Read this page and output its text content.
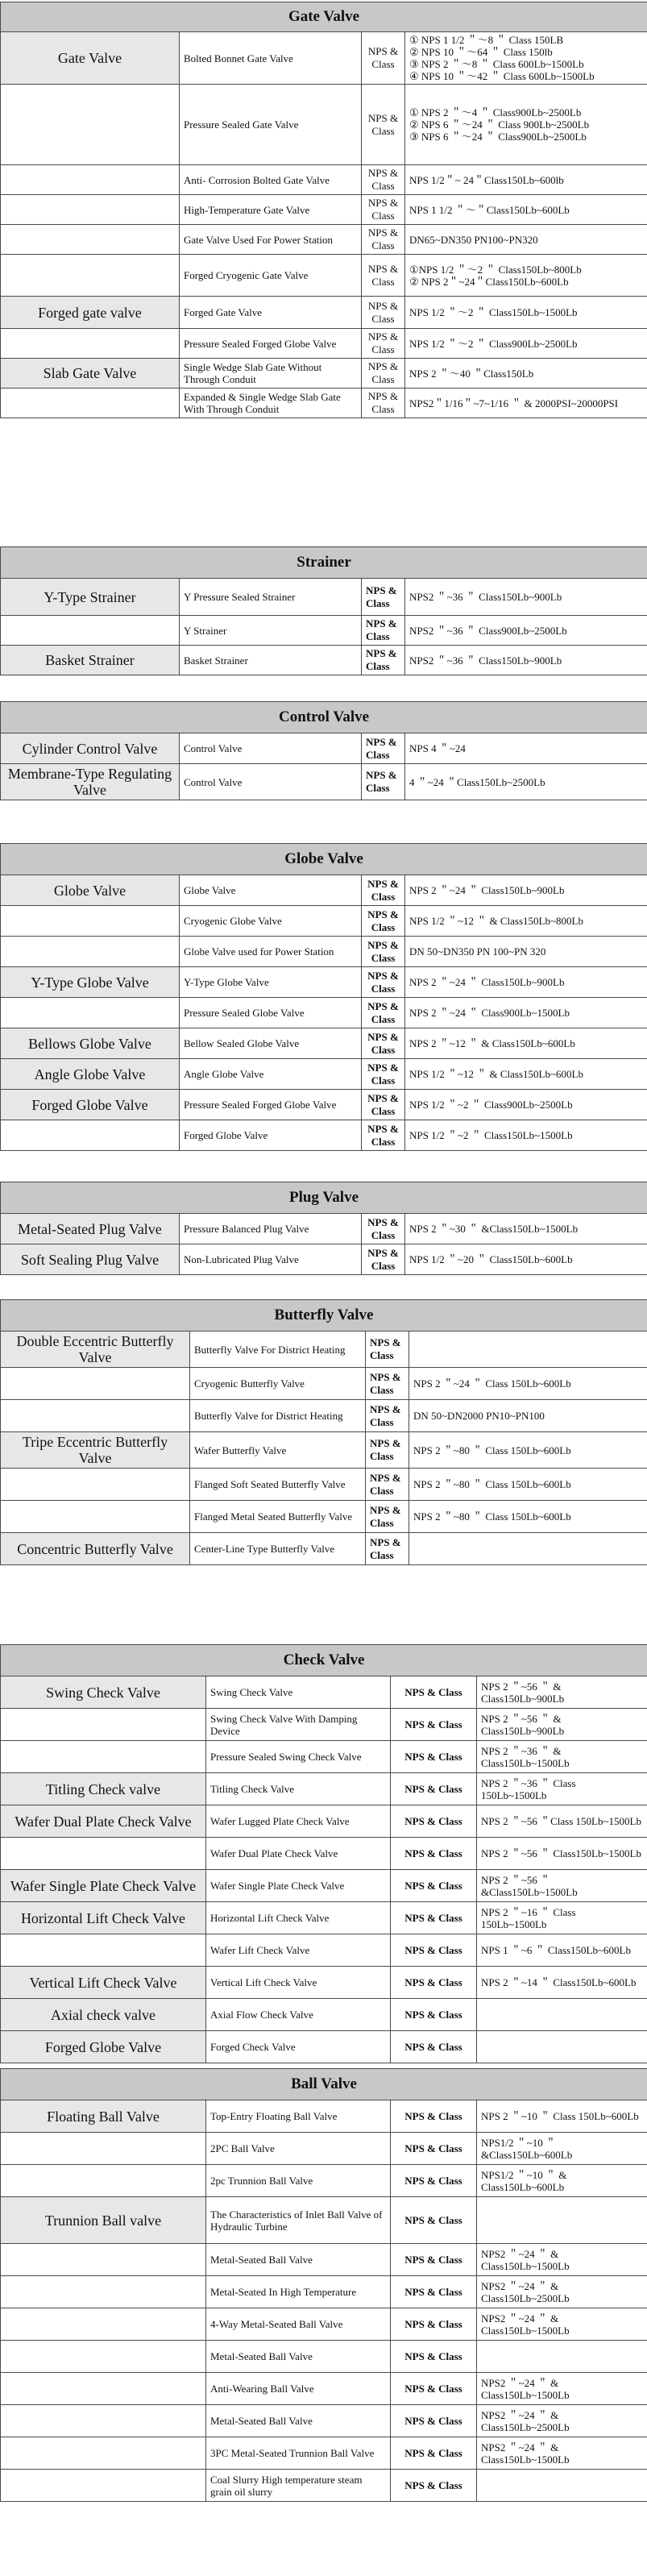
Gate Valve			
Gate Valve	Bolted Bonnet Gate Valve	NPS & Class	① NPS 1 1/2 ＂～8 ＂ Class 150LB
② NPS 10 ＂～64 ＂ Class 150lb
③ NPS 2 ＂～8 ＂ Class 600Lb~1500Lb
④ NPS 10 ＂～42 ＂ Class 600Lb~1500Lb

	Pressure Sealed Gate Valve	NPS & Class	① NPS 2 ＂～4 ＂ Class900Lb~2500Lb
② NPS 6 ＂～24 ＂ Class 900Lb~2500Lb
③ NPS 6 ＂～24 ＂ Class900Lb~2500Lb

	Anti- Corrosion Bolted Gate Valve	NPS & Class	NPS 1/2＂~ 24＂Class150Lb~600lb

	High-Temperature Gate Valve	NPS & Class	NPS 1 1/2 ＂～＂Class150Lb~600Lb

	Gate Valve Used For Power Station	NPS & Class	DN65~DN350 PN100~PN320

	Forged Cryogenic Gate Valve	NPS & Class	①NPS 1/2 ＂～2 ＂ Class150Lb~800Lb
② NPS 2＂~24＂Class150Lb~600Lb

Forged gate valve	Forged Gate Valve	NPS & Class	NPS 1/2 ＂～2 ＂ Class150Lb~1500Lb

	Pressure Sealed Forged Globe Valve	NPS & Class	NPS 1/2 ＂～2 ＂ Class900Lb~2500Lb

Slab Gate Valve	Single Wedge Slab Gate Without Through Conduit	NPS & Class	NPS 2 ＂～40 ＂Class150Lb

	Expanded & Single Wedge Slab Gate With Through Conduit	NPS & Class	NPS2＂1/16＂~7~1/16 ＂ & 2000PSI~20000PSI
Strainer			
Y-Type Strainer	Y Pressure Sealed Strainer	NPS & Class	NPS2 ＂~36 ＂ Class150Lb~900Lb

	Y Strainer	NPS & Class	NPS2 ＂~36 ＂ Class900Lb~2500Lb

Basket Strainer	Basket Strainer	NPS & Class	NPS2 ＂~36 ＂ Class150Lb~900Lb
Control Valve			
Cylinder Control Valve	Control Valve	NPS & Class	NPS 4 ＂~24

Membrane-Type Regulating Valve	Control Valve	NPS & Class	4 ＂~24 ＂Class150Lb~2500Lb
Globe Valve			
Globe Valve	Globe Valve	NPS & Class	NPS 2 ＂~24 ＂ Class150Lb~900Lb

	Cryogenic Globe Valve	NPS & Class	NPS 1/2 ＂~12 ＂ & Class150Lb~800Lb

	Globe Valve used for Power Station	NPS & Class	DN 50~DN350 PN 100~PN 320

Y-Type Globe Valve	Y-Type Globe Valve	NPS & Class	NPS 2 ＂~24 ＂ Class150Lb~900Lb

	Pressure Sealed Globe Valve	NPS & Class	NPS 2 ＂~24 ＂ Class900Lb~1500Lb

Bellows Globe Valve	Bellow Sealed Globe Valve	NPS & Class	NPS 2 ＂~12 ＂ & Class150Lb~600Lb

Angle Globe Valve	Angle Globe Valve	NPS & Class	NPS 1/2 ＂~12 ＂ & Class150Lb~600Lb

Forged Globe Valve	Pressure Sealed Forged Globe Valve	NPS & Class	NPS 1/2 ＂~2 ＂ Class900Lb~2500Lb

	Forged Globe Valve	NPS & Class	NPS 1/2 ＂~2 ＂ Class150Lb~1500Lb
Plug Valve			
Metal-Seated Plug Valve	Pressure Balanced Plug Valve	NPS & Class	NPS 2 ＂~30 ＂ &Class150Lb~1500Lb

Soft Sealing Plug Valve	Non-Lubricated Plug Valve	NPS & Class	NPS 1/2 ＂~20 ＂ Class150Lb~600Lb
Butterfly Valve			
Double Eccentric Butterfly Valve	Butterfly Valve For District Heating	NPS & Class	
	Cryogenic Butterfly Valve	NPS & Class	NPS 2 ＂~24 ＂ Class 150Lb~600Lb

	Butterfly Valve for District Heating	NPS & Class	DN 50~DN2000 PN10~PN100

Tripe Eccentric Butterfly Valve	Wafer Butterfly Valve	NPS & Class	NPS 2 ＂~80 ＂ Class 150Lb~600Lb

	Flanged Soft Seated Butterfly Valve	NPS & Class	NPS 2 ＂~80 ＂ Class 150Lb~600Lb

	Flanged Metal Seated Butterfly Valve	NPS & Class	NPS 2 ＂~80 ＂ Class 150Lb~600Lb

Concentric Butterfly Valve	Center-Line Type Butterfly Valve	NPS & Class	
Check Valve			
Swing Check Valve	Swing Check Valve	NPS & Class	NPS 2 ＂~56 ＂ & Class150Lb~900Lb

	Swing Check Valve With Damping Device	NPS & Class	NPS 2 ＂~56 ＂ & Class150Lb~900Lb

	Pressure Sealed Swing Check Valve	NPS & Class	NPS 2 ＂~36 ＂ & Class150Lb~1500Lb

Titling Check valve	Titling Check Valve	NPS & Class	NPS 2 ＂~36 ＂ Class 150Lb~1500Lb

Wafer Dual Plate Check Valve	Wafer Lugged Plate Check Valve	NPS & Class	NPS 2 ＂~56 ＂Class 150Lb~1500Lb

	Wafer Dual Plate Check Valve	NPS & Class	NPS 2 ＂~56 ＂ Class150Lb~1500Lb

Wafer Single Plate Check Valve	Wafer Single Plate Check Valve	NPS & Class	NPS 2 ＂~56 ＂ &Class150Lb~1500Lb

Horizontal Lift Check Valve	Horizontal Lift Check Valve	NPS & Class	NPS 2 ＂~16 ＂ Class 150Lb~1500Lb

	Wafer Lift Check Valve	NPS & Class	NPS 1 ＂~6 ＂ Class150Lb~600Lb

Vertical Lift Check Valve	Vertical Lift Check Valve	NPS & Class	NPS 2 ＂~14 ＂ Class150Lb~600Lb

Axial check valve	Axial Flow Check Valve	NPS & Class	
Forged Globe Valve	Forged Check Valve	NPS & Class	
Ball Valve			
Floating Ball Valve	Top-Entry Floating Ball Valve	NPS & Class	NPS 2 ＂~10 ＂ Class 150Lb~600Lb

	2PC Ball Valve	NPS & Class	NPS1/2 ＂~10 ＂ &Class150Lb~600Lb

	2pc Trunnion Ball Valve	NPS & Class	NPS1/2 ＂~10 ＂ & Class150Lb~600Lb

Trunnion Ball valve	The Characteristics of Inlet Ball Valve of Hydraulic Turbine	NPS & Class	
	Metal-Seated Ball Valve	NPS & Class	NPS2 ＂~24 ＂ & Class150Lb~1500Lb

	Metal-Seated In High Temperature	NPS & Class	NPS2 ＂~24 ＂ & Class150Lb~2500Lb

	4-Way Metal-Seated Ball Valve	NPS & Class	NPS2 ＂~24 ＂ & Class150Lb~1500Lb

	Metal-Seated Ball Valve	NPS & Class	
	Anti-Wearing Ball Valve	NPS & Class	NPS2 ＂~24 ＂ & Class150Lb~1500Lb

	Metal-Seated Ball Valve	NPS & Class	NPS2 ＂~24 ＂ & Class150Lb~2500Lb

	3PC Metal-Seated Trunnion Ball Valve	NPS & Class	NPS2 ＂~24 ＂ & Class150Lb~1500Lb

	Coal Slurry High temperature steam grain oil slurry	NPS & Class	
